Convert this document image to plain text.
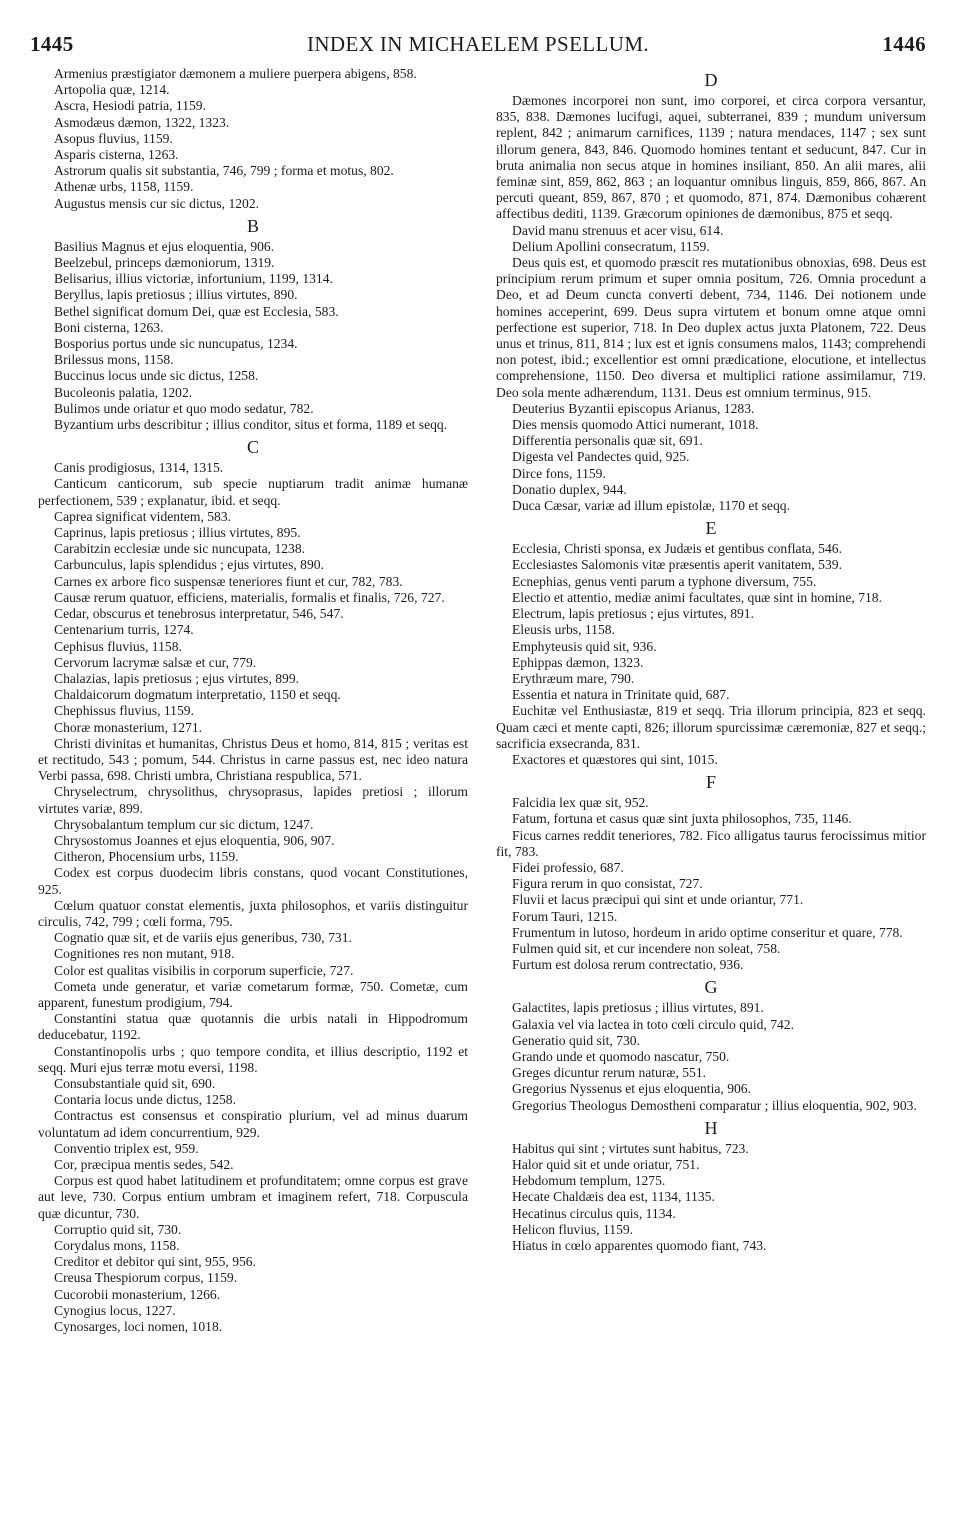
1445	INDEX IN MICHAELEM PSELLUM.	1446

Armenius præstigiator dæmonem a muliere puerpera abigens, 858.

Artopolia quæ, 1214.

Ascra, Hesiodi patria, 1159.

Asmodæus dæmon, 1322, 1323.

Asopus fluvius, 1159.

Asparis cisterna, 1263.

Astrorum qualis sit substantia, 746, 799 ; forma et motus, 802.

Athenæ urbs, 1158, 1159.

Augustus mensis cur sic dictus, 1202.

B

Basilius Magnus et ejus eloquentia, 906.

Beelzebul, princeps dæmoniorum, 1319.

Belisarius, illius victoriæ, infortunium, 1199, 1314.

Beryllus, lapis pretiosus ; illius virtutes, 890.

Bethel significat domum Dei, quæ est Ecclesia, 583.

Boni cisterna, 1263.

Bosporius portus unde sic nuncupatus, 1234.

Brilessus mons, 1158.

Buccinus locus unde sic dictus, 1258.

Bucoleonis palatia, 1202.

Bulimos unde oriatur et quo modo sedatur, 782.

Byzantium urbs describitur ; illius conditor, situs et forma, 1189 et seqq.

C

Canis prodigiosus, 1314, 1315.

Canticum canticorum, sub specie nuptiarum tradit animæ humanæ perfectionem, 539 ; explanatur, ibid. et seqq.

Caprea significat videntem, 583.

Caprinus, lapis pretiosus ; illius virtutes, 895.

Carabitzin ecclesiæ unde sic nuncupata, 1238.

Carbunculus, lapis splendidus ; ejus virtutes, 890.

Carnes ex arbore fico suspensæ teneriores fiunt et cur, 782, 783.

Causæ rerum quatuor, efficiens, materialis, formalis et finalis, 726, 727.

Cedar, obscurus et tenebrosus interpretatur, 546, 547.

Centenarium turris, 1274.

Cephisus fluvius, 1158.

Cervorum lacrymæ salsæ et cur, 779.

Chalazias, lapis pretiosus ; ejus virtutes, 899.

Chaldaicorum dogmatum interpretatio, 1150 et seqq.

Chephissus fluvius, 1159.

Choræ monasterium, 1271.

Christi divinitas et humanitas, Christus Deus et homo, 814, 815 ; veritas est et rectitudo, 543 ; pomum, 544. Christus in carne passus est, nec ideo natura Verbi passa, 698. Christi umbra, Christiana respublica, 571.

Chryselectrum, chrysolithus, chrysoprasus, lapides pretiosi ; illorum virtutes variæ, 899.

Chrysobalantum templum cur sic dictum, 1247.

Chrysostomus Joannes et ejus eloquentia, 906, 907.

Citheron, Phocensium urbs, 1159.

Codex est corpus duodecim libris constans, quod vocant Constitutiones, 925.

Cœlum quatuor constat elementis, juxta philosophos, et variis distinguitur circulis, 742, 799 ; cœli forma, 795.

Cognatio quæ sit, et de variis ejus generibus, 730, 731.

Cognitiones res non mutant, 918.

Color est qualitas visibilis in corporum superficie, 727.

Cometa unde generatur, et variæ cometarum formæ, 750. Cometæ, cum apparent, funestum prodigium, 794.

Constantini statua quæ quotannis die urbis natali in Hippodromum deducebatur, 1192.

Constantinopolis urbs ; quo tempore condita, et illius descriptio, 1192 et seqq. Muri ejus terræ motu eversi, 1198.

Consubstantiale quid sit, 690.

Contaria locus unde dictus, 1258.

Contractus est consensus et conspiratio plurium, vel ad minus duarum voluntatum ad idem concurrentium, 929.

Conventio triplex est, 959.

Cor, præcipua mentis sedes, 542.

Corpus est quod habet latitudinem et profunditatem; omne corpus est grave aut leve, 730. Corpus entium umbram et imaginem refert, 718. Corpuscula quæ dicuntur, 730.

Corruptio quid sit, 730.

Corydalus mons, 1158.

Creditor et debitor qui sint, 955, 956.

Creusa Thespiorum corpus, 1159.

Cucorobii monasterium, 1266.

Cynogius locus, 1227.

Cynosarges, loci nomen, 1018.

D

Dæmones incorporei non sunt, imo corporei, et circa corpora versantur, 835, 838. Dæmones lucifugi, aquei, subterranei, 839 ; mundum universum replent, 842 ; animarum carnifices, 1139 ; natura mendaces, 1147 ; sex sunt illorum genera, 843, 846. Quomodo homines tentant et seducunt, 847. Cur in bruta animalia non secus atque in homines insiliant, 850. An alii mares, alii feminæ sint, 859, 862, 863 ; an loquantur omnibus linguis, 859, 866, 867. An percuti queant, 859, 867, 870 ; et quomodo, 871, 874. Dæmonibus cohærent affectibus dediti, 1139. Græcorum opiniones de dæmonibus, 875 et seqq.

David manu strenuus et acer visu, 614.

Delium Apollini consecratum, 1159.

Deus quis est, et quomodo præscit res mutationibus obnoxias, 698. Deus est principium rerum primum et super omnia positum, 726. Omnia procedunt a Deo, et ad Deum cuncta converti debent, 734, 1146. Dei notionem unde homines acceperint, 699. Deus supra virtutem et bonum omne atque omni perfectione est superior, 718. In Deo duplex actus juxta Platonem, 722. Deus unus et trinus, 811, 814 ; lux est et ignis consumens malos, 1143; comprehendi non potest, ibid.; excellentior est omni prædicatione, elocutione, et intellectus comprehensione, 1150. Deo diversa et multiplici ratione assimilamur, 719. Deo sola mente adhærendum, 1131. Deus est omnium terminus, 915.

Deuterius Byzantii episcopus Arianus, 1283.

Dies mensis quomodo Attici numerant, 1018.

Differentia personalis quæ sit, 691.

Digesta vel Pandectes quid, 925.

Dirce fons, 1159.

Donatio duplex, 944.

Duca Cæsar, variæ ad illum epistolæ, 1170 et seqq.

E

Ecclesia, Christi sponsa, ex Judæis et gentibus conflata, 546.

Ecclesiastes Salomonis vitæ præsentis aperit vanitatem, 539.

Ecnephias, genus venti parum a typhone diversum, 755.

Electio et attentio, mediæ animi facultates, quæ sint in homine, 718.

Electrum, lapis pretiosus ; ejus virtutes, 891.

Eleusis urbs, 1158.

Emphyteusis quid sit, 936.

Ephippas dæmon, 1323.

Erythræum mare, 790.

Essentia et natura in Trinitate quid, 687.

Euchitæ vel Enthusiastæ, 819 et seqq. Tria illorum principia, 823 et seqq. Quam cæci et mente capti, 826; illorum spurcissimæ cæremoniæ, 827 et seqq.; sacrificia exsecranda, 831.

Exactores et quæstores qui sint, 1015.

F

Falcidia lex quæ sit, 952.

Fatum, fortuna et casus quæ sint juxta philosophos, 735, 1146.

Ficus carnes reddit teneriores, 782. Fico alligatus taurus ferocissimus mitior fit, 783.

Fidei professio, 687.

Figura rerum in quo consistat, 727.

Fluvii et lacus præcipui qui sint et unde oriantur, 771.

Forum Tauri, 1215.

Frumentum in lutoso, hordeum in arido optime conseritur et quare, 778.

Fulmen quid sit, et cur incendere non soleat, 758.

Furtum est dolosa rerum contrectatio, 936.

G

Galactites, lapis pretiosus ; illius virtutes, 891.

Galaxia vel via lactea in toto cœli circulo quid, 742.

Generatio quid sit, 730.

Grando unde et quomodo nascatur, 750.

Greges dicuntur rerum naturæ, 551.

Gregorius Nyssenus et ejus eloquentia, 906.

Gregorius Theologus Demostheni comparatur ; illius eloquentia, 902, 903.

H

Habitus qui sint ; virtutes sunt habitus, 723.

Halor quid sit et unde oriatur, 751.

Hebdomum templum, 1275.

Hecate Chaldæis dea est, 1134, 1135.

Hecatinus circulus quis, 1134.

Helicon fluvius, 1159.

Hiatus in cœlo apparentes quomodo fiant, 743.
